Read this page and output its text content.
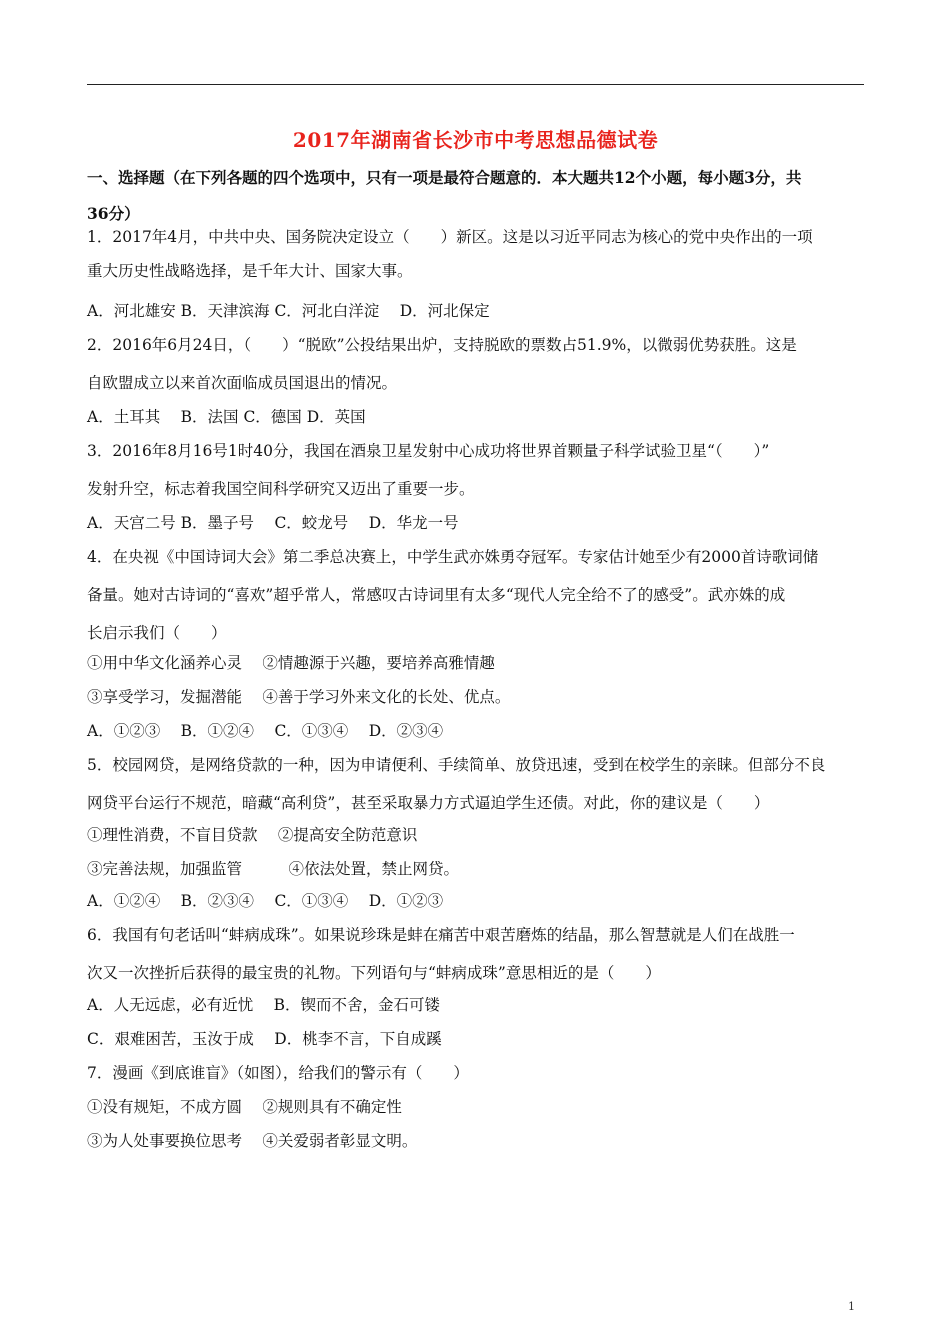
2017年湖南省长沙市中考思想品德试卷
一、选择题（在下列各题的四个选项中，只有一项是最符合题意的．本大题共12个小题，每小题3分，共
36分）
1．2017年4月，中共中央、国务院决定设立（　　）新区。这是以习近平同志为核心的党中央作出的一项
重大历史性战略选择，是千年大计、国家大事。
A．河北雄安 B．天津滨海 C．河北白洋淀　 D．河北保定
2．2016年6月24日，（　　）“脱欧”公投结果出炉，支持脱欧的票数占51.9%，以微弱优势获胜。这是
自欧盟成立以来首次面临成员国退出的情况。
A．土耳其　 B．法国 C．德国 D．英国
3．2016年8月16号1时40分，我国在酒泉卫星发射中心成功将世界首颗量子科学试验卫星“（　　）”
发射升空，标志着我国空间科学研究又迈出了重要一步。
A．天宫二号 B．墨子号　 C．蛟龙号　 D．华龙一号
4．在央视《中国诗词大会》第二季总决赛上，中学生武亦姝勇夺冠军。专家估计她至少有2000首诗歌词储
备量。她对古诗词的“喜欢”超乎常人，常感叹古诗词里有太多“现代人完全给不了的感受”。武亦姝的成
长启示我们（　　）
①用中华文化涵养心灵　 ②情趣源于兴趣，要培养高雅情趣
③享受学习，发掘潜能　 ④善于学习外来文化的长处、优点。
A．①②③　 B．①②④　 C．①③④　 D．②③④
5．校园网贷，是网络贷款的一种，因为申请便利、手续简单、放贷迅速，受到在校学生的亲睐。但部分不良
网贷平台运行不规范，暗藏“高利贷”，甚至采取暴力方式逼迫学生还债。对此，你的建议是（　　）
①理性消费，不盲目贷款　 ②提高安全防范意识
③完善法规，加强监管　　　④依法处置，禁止网贷。
A．①②④　 B．②③④　 C．①③④　 D．①②③
6．我国有句老话叫“蚌病成珠”。如果说珍珠是蚌在痛苦中艰苦磨炼的结晶，那么智慧就是人们在战胜一
次又一次挫折后获得的最宝贵的礼物。下列语句与“蚌病成珠”意思相近的是（　　）
A．人无远虑，必有近忧　 B．锲而不舍，金石可镂
C．艰难困苦，玉汝于成　 D．桃李不言，下自成蹊
7．漫画《到底谁盲》（如图），给我们的警示有（　　）
①没有规矩，不成方圆　 ②规则具有不确定性
③为人处事要换位思考　 ④关爱弱者彰显文明。
1
